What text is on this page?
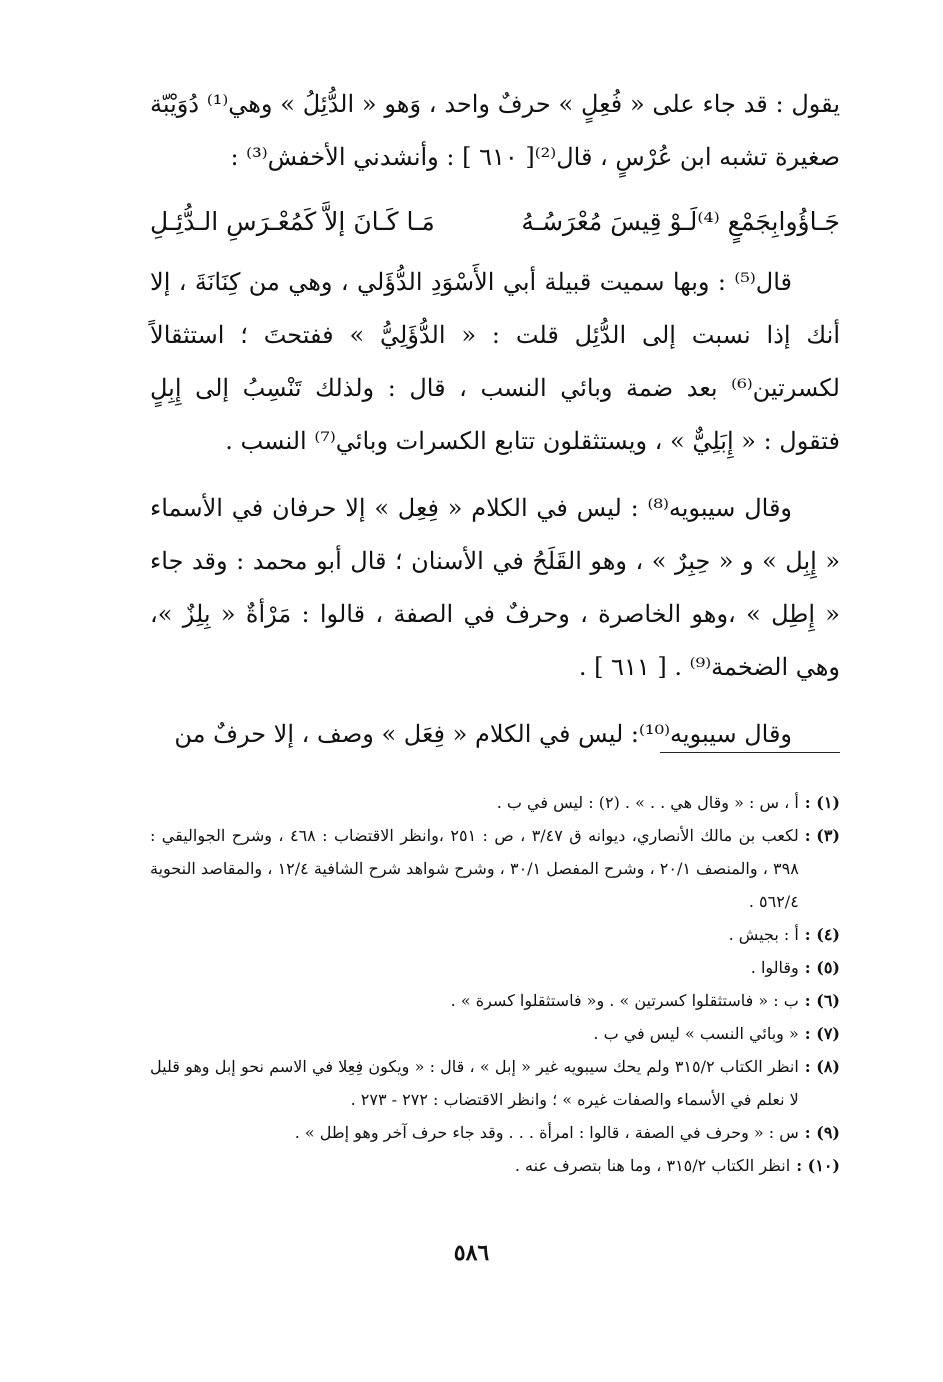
يقول : قد جاء على « فُعِلٍ » حرفٌ واحد ، وَهو « الدُّئِلُ » وهي⁽¹⁾ دُوَيْبّة صغيرة تشبه ابن عُرْسٍ ، قال⁽²⁾[ ٦١٠ ] : وأنشدني الأخفش⁽³⁾ :

جَـاؤُوابِجَمْعٍ ⁽⁴⁾لَـوْ قِيسَ مُعْرَسُـهُ
مَـا كَـانَ إلاَّ كَمُعْـرَسِ الـدُّئِـلِ

قال⁽⁵⁾ : وبها سميت قبيلة أبي الأَسْوَدِ الدُّؤَلي ، وهي من كِنَانَةَ ، إلا أنك إذا نسبت إلى الدُّئِل قلت : « الدُّؤَلِيُّ » ففتحتَ ؛ استثقالاً لكسرتين⁽⁶⁾ بعد ضمة وبائي النسب ، قال : ولذلك تَنْسِبُ إلى إِبِلٍ فتقول : « إِبَلِيٌّ » ، ويستثقلون تتابع الكسرات وبائي⁽⁷⁾ النسب .

وقال سيبويه⁽⁸⁾ : ليس في الكلام « فِعِل » إلا حرفان في الأسماء « إِبِل » و « حِبِرٌ » ، وهو القَلَحُ في الأسنان ؛ قال أبو محمد : وقد جاء « إِطِل » ،وهو الخاصرة ، وحرفٌ في الصفة ، قالوا : مَرْأةٌ « بِلِزٌ »، وهي الضخمة⁽⁹⁾ . [ ٦١١ ] .

وقال سيبويه⁽¹⁰⁾: ليس في الكلام « فِعَل » وصف ، إلا حرفٌ من

(١) :
أ ، س : « وقال هي . . » . (٢) : ليس في ب .
(٣) :
لكعب بن مالك الأنصاري، ديوانه ق ٣/٤٧ ، ص : ٢٥١ ،وانظر الاقتضاب : ٤٦٨ ، وشرح الجواليقي : ٣٩٨ ، والمنصف ٢٠/١ ، وشرح المفصل ٣٠/١ ، وشرح شواهد شرح الشافية ١٢/٤ ، والمقاصد النحوية ٥٦٢/٤ .
(٤) :
أ : بجيش .
(٥) :
وقالوا .
(٦) :
ب : « فاستثقلوا كسرتين » . و« فاستثقلوا كسرة » .
(٧) :
« وبائي النسب » ليس في ب .
(٨) :
انظر الكتاب ٣١٥/٢ ولم يحك سيبويه غير « إبل » ، قال : « ويكون فِعِلا في الاسم نحو إبل وهو قليل لا نعلم في الأسماء والصفات غيره » ؛ وانظر الاقتضاب : ٢٧٢ - ٢٧٣ .
(٩) :
س : « وحرف في الصفة ، قالوا : امرأة . . . وقد جاء حرف آخر وهو إطل » .
(١٠) :
انظر الكتاب ٣١٥/٢ ، وما هنا بتصرف عنه .
٥٨٦
